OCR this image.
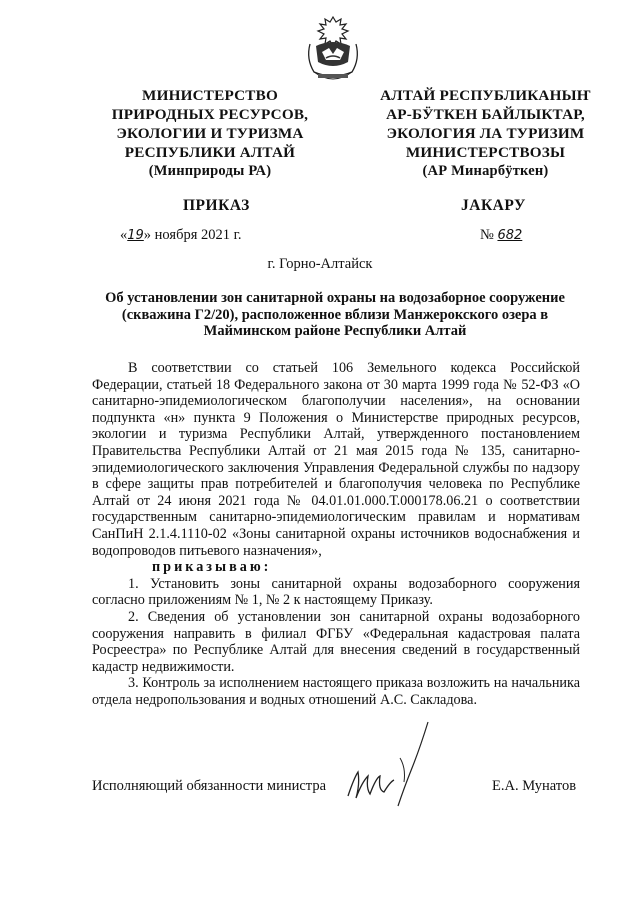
МИНИСТЕРСТВО
ПРИРОДНЫХ РЕСУРСОВ,
ЭКОЛОГИИ И ТУРИЗМА
РЕСПУБЛИКИ АЛТАЙ
(Минприроды РА)
АЛТАЙ РЕСПУБЛИКАНЫҤ
АР-БӰТКЕН БАЙЛЫКТАР,
ЭКОЛОГИЯ ЛА ТУРИЗИМ
МИНИСТЕРСТВОЗЫ
(АР Минарбӱткен)
ПРИКАЗ	JАКАРУ
«19» ноября 2021 г.	№ 682
г. Горно-Алтайск
Об установлении зон санитарной охраны на водозаборное сооружение
(скважина Г2/20), расположенное вблизи Манжерокского озера в
Майминском районе Республики Алтай

В соответствии со статьей 106 Земельного кодекса Российской Федерации, статьей 18 Федерального закона от 30 марта 1999 года № 52-ФЗ «О санитарно-эпидемиологическом благополучии населения», на основании подпункта «н» пункта 9 Положения о Министерстве природных ресурсов, экологии и туризма Республики Алтай, утвержденного постановлением Правительства Республики Алтай от 21 мая 2015 года № 135, санитарно-эпидемиологического заключения Управления Федеральной службы по надзору в сфере защиты прав потребителей и благополучия человека по Республике Алтай от 24 июня 2021 года № 04.01.01.000.Т.000178.06.21 о соответствии государственным санитарно-эпидемиологическим правилам и нормативам СанПиН 2.1.4.1110-02 «Зоны санитарной охраны источников водоснабжения и водопроводов питьевого назначения»,

приказываю:

1. Установить зоны санитарной охраны водозаборного сооружения согласно приложениям № 1, № 2 к настоящему Приказу.

2. Сведения об установлении зон санитарной охраны водозаборного сооружения направить в филиал ФГБУ «Федеральная кадастровая палата Росреестра» по Республике Алтай для внесения сведений в государственный кадастр недвижимости.

3. Контроль за исполнением настоящего приказа возложить на начальника отдела недропользования и водных отношений А.С. Сакладова.

Исполняющий обязанности министра	Е.А. Мунатов
